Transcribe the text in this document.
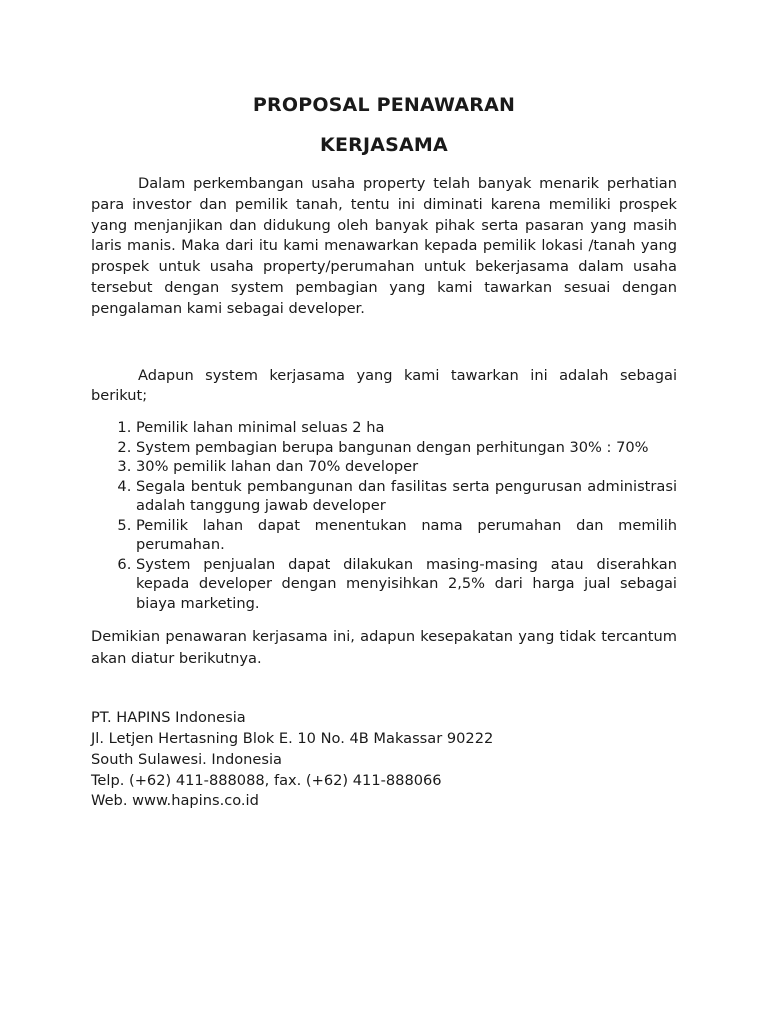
PROPOSAL PENAWARAN
KERJASAMA

Dalam perkembangan usaha property telah banyak menarik perhatian para investor dan pemilik tanah, tentu ini diminati karena memiliki prospek yang menjanjikan dan didukung oleh banyak pihak serta pasaran yang masih laris manis. Maka dari itu kami menawarkan kepada pemilik lokasi /tanah yang prospek untuk usaha property/perumahan untuk bekerjasama dalam usaha tersebut dengan system pembagian yang kami tawarkan sesuai dengan pengalaman kami sebagai developer.

Adapun system kerjasama yang kami tawarkan ini adalah sebagai berikut;

1. Pemilik lahan minimal seluas 2 ha
2. System pembagian berupa bangunan dengan perhitungan 30% : 70%
3. 30% pemilik lahan dan 70% developer
4. Segala bentuk pembangunan dan fasilitas serta pengurusan administrasi adalah tanggung jawab developer
5. Pemilik lahan dapat menentukan nama perumahan dan memilih perumahan.
6. System penjualan dapat dilakukan masing-masing atau diserahkan kepada developer dengan menyisihkan 2,5% dari harga jual sebagai biaya marketing.

Demikian penawaran kerjasama ini, adapun kesepakatan yang tidak tercantum akan diatur berikutnya.

PT. HAPINS Indonesia
Jl. Letjen Hertasning Blok E. 10 No. 4B Makassar 90222
South Sulawesi. Indonesia
Telp. (+62) 411-888088, fax. (+62) 411-888066
Web. www.hapins.co.id
